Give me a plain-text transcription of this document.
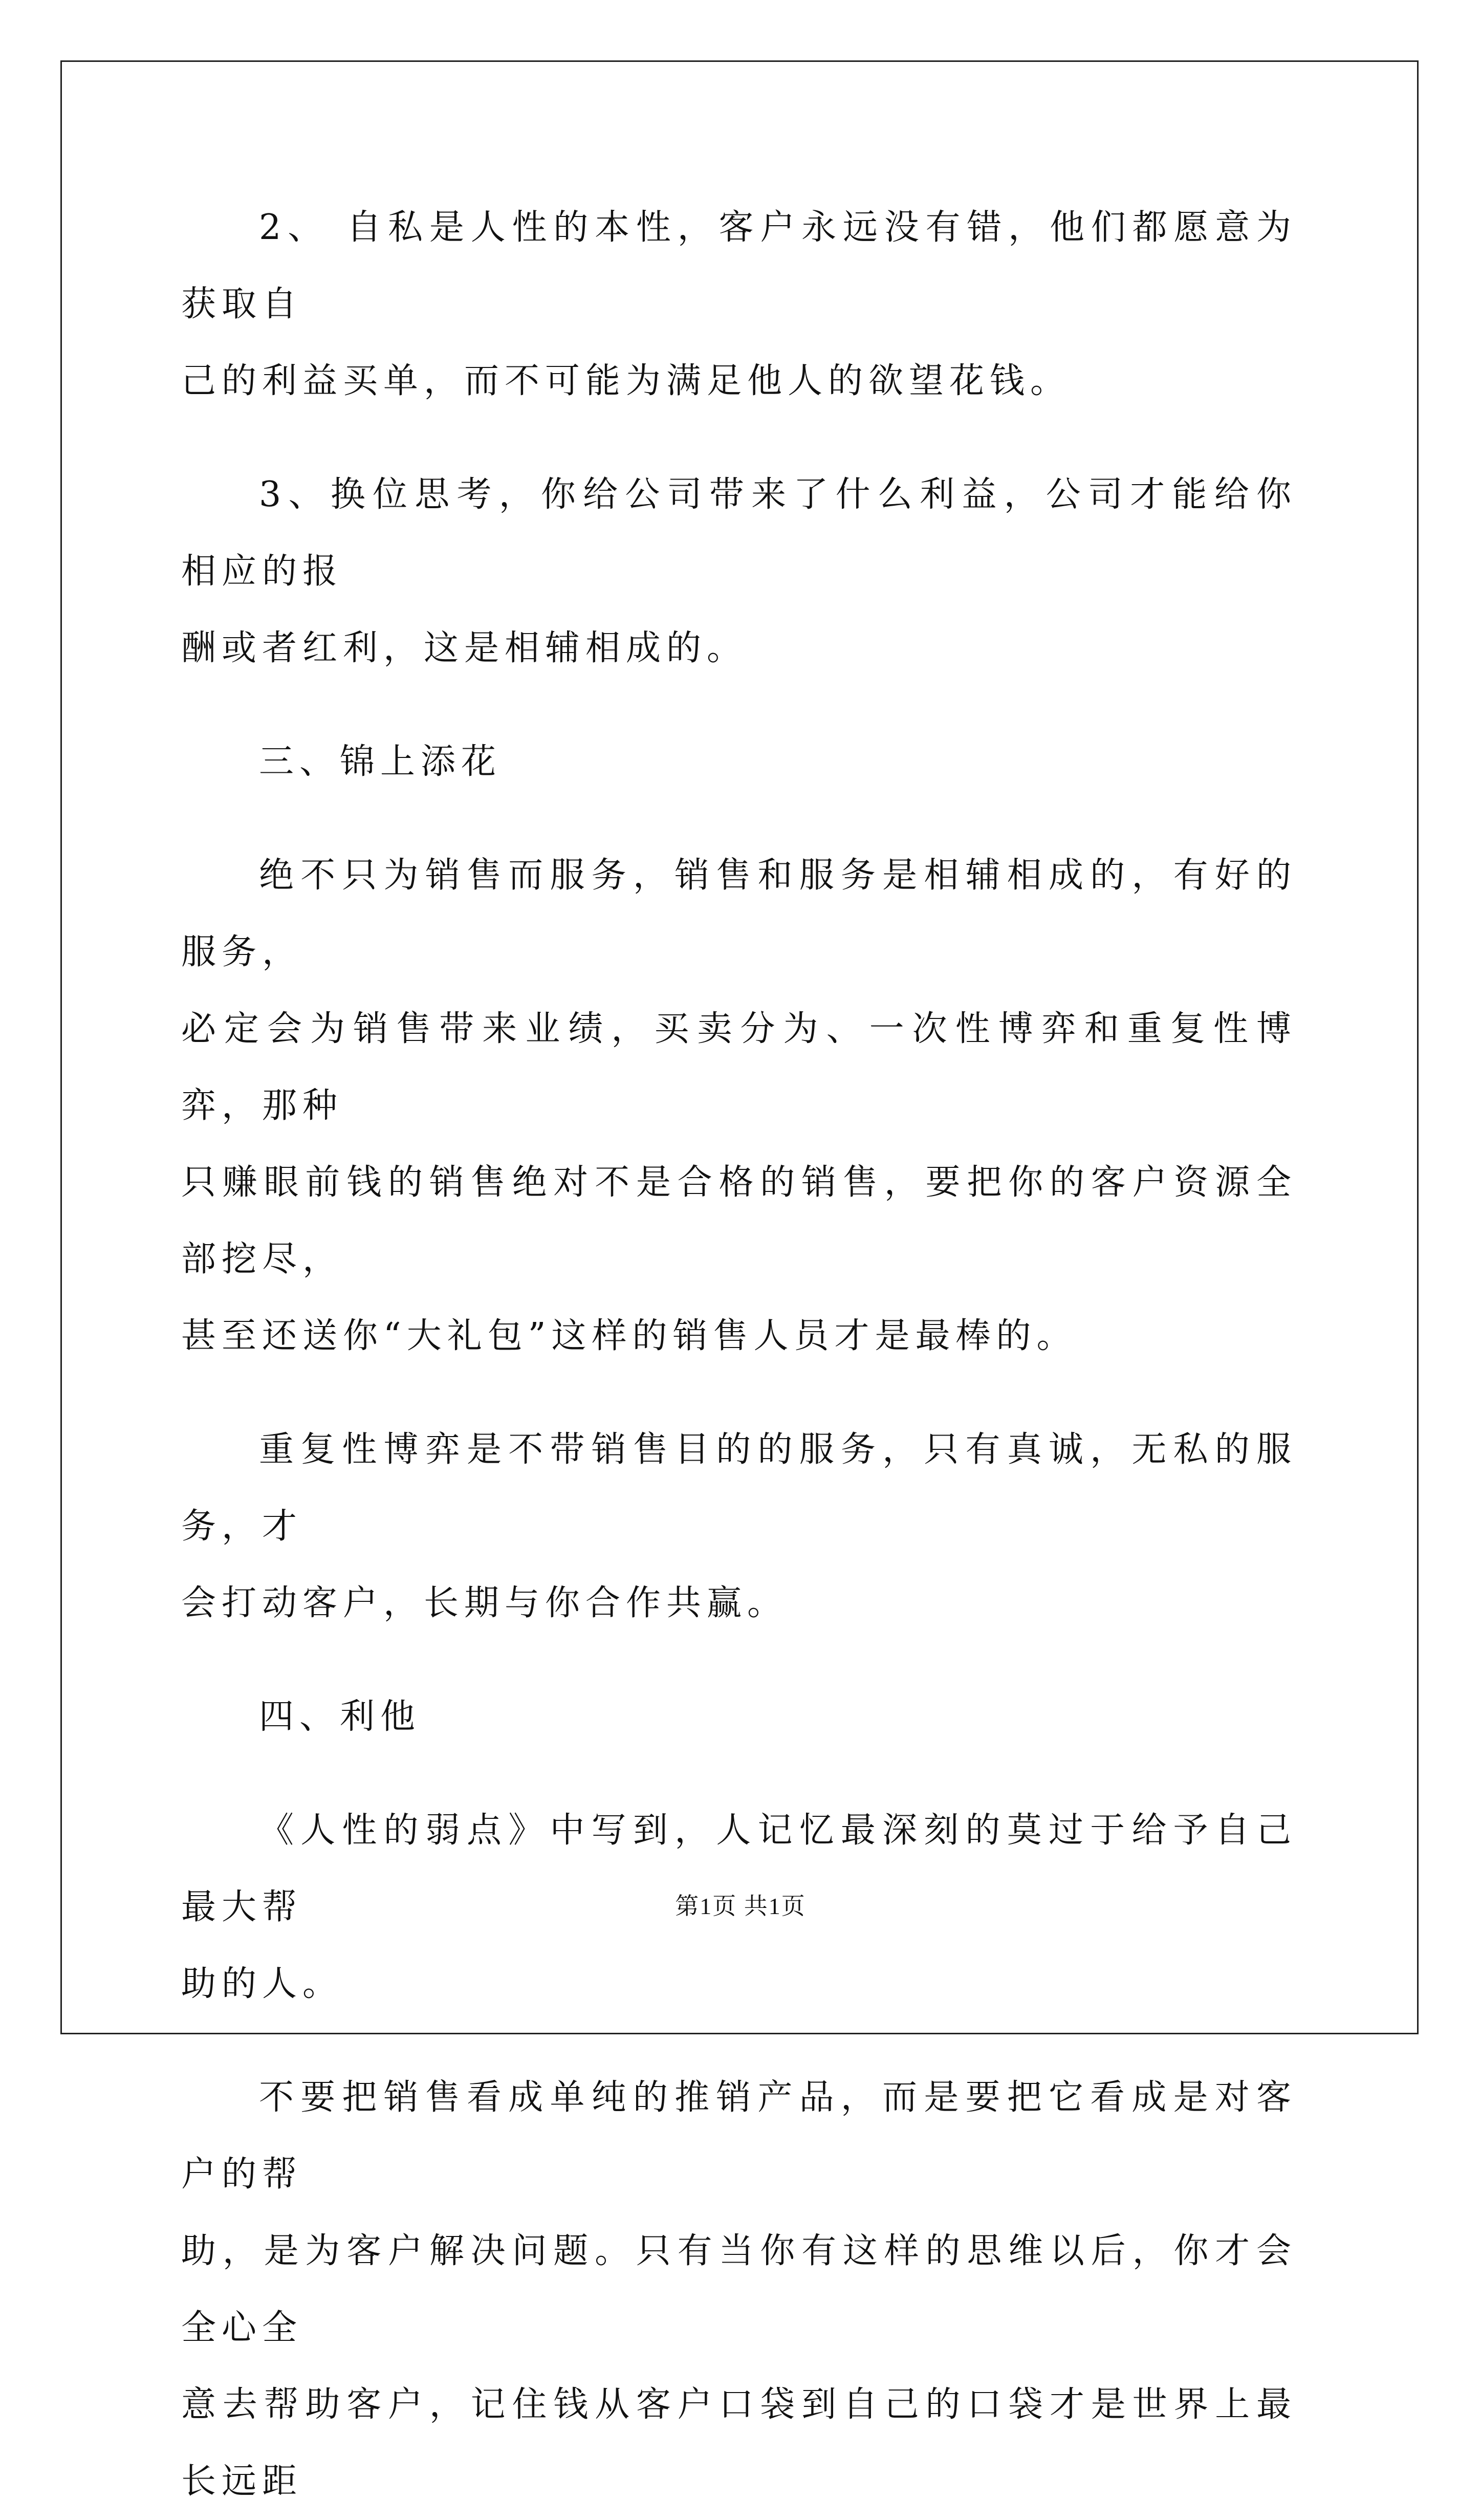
2、 自私是人性的本性，客户永远没有错，他们都愿意为获取自
己的利益买单，而不可能为满足他人的欲望花钱。

3、换位思考，你给公司带来了什么利益，公司才能给你相应的报
酬或者红利，这是相辅相成的。

三、锦上添花

绝不只为销售而服务，销售和服务是相辅相成的，有好的服务，
必定会为销售带来业绩，买卖分为、一次性博弈和重复性博弈，那种
只赚眼前钱的销售绝对不是合格的销售，要把你的客户资源全部挖尽，
甚至还送你“大礼包”这样的销售人员才是最棒的。

重复性博弈是不带销售目的的服务，只有真诚，无私的服务，才
会打动客户，长期与你合作共赢。

四、利他

《人性的弱点》中写到，人记忆最深刻的莫过于给予自己最大帮
助的人。

不要把销售看成单纯的推销产品，而是要把它看成是对客户的帮
助，是为客户解决问题。只有当你有这样的思维以后，你才会全心全
意去帮助客户，记住钱从客户口袋到自己的口袋才是世界上最长远距

第1页 共1页
